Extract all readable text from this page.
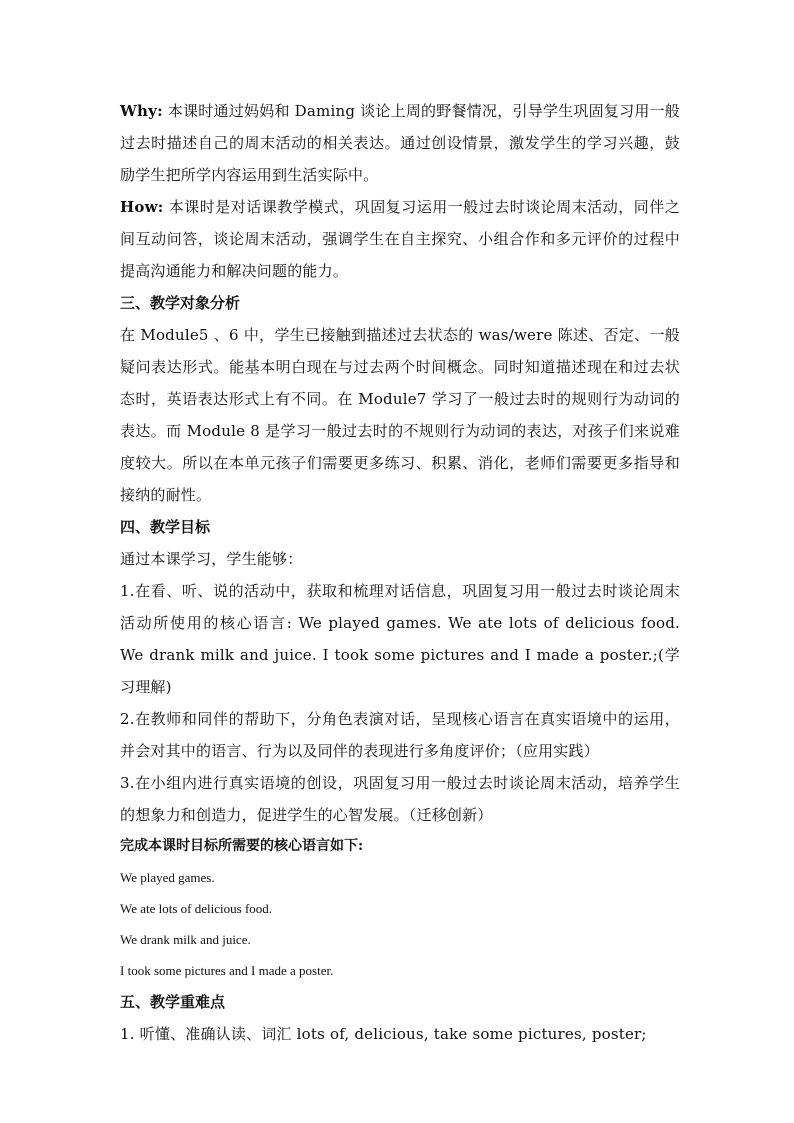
Why: 本课时通过妈妈和 Daming 谈论上周的野餐情况，引导学生巩固复习用一般过去时描述自己的周末活动的相关表达。通过创设情景，激发学生的学习兴趣，鼓励学生把所学内容运用到生活实际中。

How: 本课时是对话课教学模式，巩固复习运用一般过去时谈论周末活动，同伴之间互动问答，谈论周末活动，强调学生在自主探究、小组合作和多元评价的过程中提高沟通能力和解决问题的能力。

三、教学对象分析

在 Module5 、6 中，学生已接触到描述过去状态的 was/were 陈述、否定、一般疑问表达形式。能基本明白现在与过去两个时间概念。同时知道描述现在和过去状态时，英语表达形式上有不同。在 Module7 学习了一般过去时的规则行为动词的表达。而 Module 8 是学习一般过去时的不规则行为动词的表达，对孩子们来说难度较大。所以在本单元孩子们需要更多练习、积累、消化，老师们需要更多指导和接纳的耐性。

四、教学目标

通过本课学习，学生能够：

1.在看、听、说的活动中，获取和梳理对话信息，巩固复习用一般过去时谈论周末活动所使用的核心语言: We played games. We ate lots of delicious food. We drank milk and juice. I took some pictures and I made a poster.;(学习理解)

2.在教师和同伴的帮助下，分角色表演对话，呈现核心语言在真实语境中的运用，并会对其中的语言、行为以及同伴的表现进行多角度评价；（应用实践）

3.在小组内进行真实语境的创设，巩固复习用一般过去时谈论周末活动，培养学生的想象力和创造力，促进学生的心智发展。（迁移创新）

完成本课时目标所需要的核心语言如下:

We played games.

We ate lots of delicious food.

We drank milk and juice.

I took some pictures and I made a poster.

五、教学重难点

1. 听懂、准确认读、词汇 lots of, delicious, take some pictures, poster;
